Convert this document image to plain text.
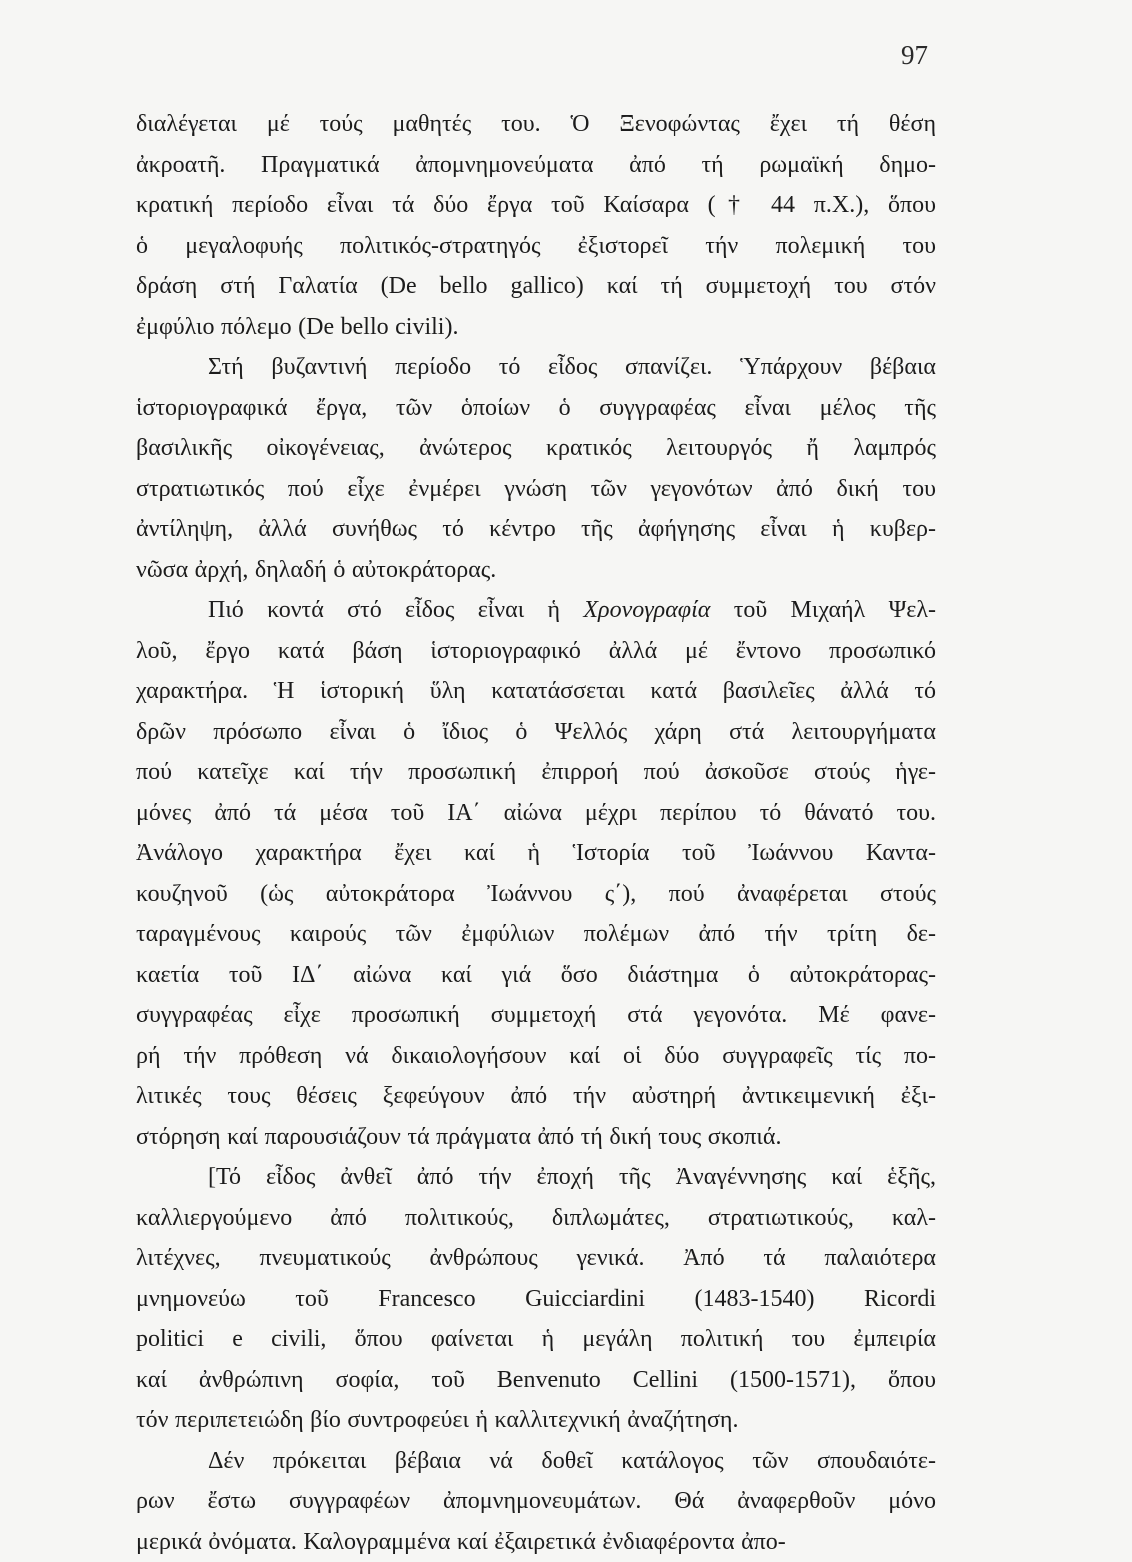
97
διαλέγεται μέ τούς μαθητές του. Ὁ Ξενοφώντας ἔχει τή θέση
ἀκροατῆ. Πραγματικά ἀπομνημονεύματα ἀπό τή ρωμαϊκή δημο-
κρατική περίοδο εἶναι τά δύο ἔργα τοῦ Καίσαρα († 44 π.Χ.), ὅπου
ὁ μεγαλοφυής πολιτικός-στρατηγός ἐξιστορεῖ τήν πολεμική του
δράση στή Γαλατία (De bello gallico) καί τή συμμετοχή του στόν
ἐμφύλιο πόλεμο (De bello civili).
Στή βυζαντινή περίοδο τό εἶδος σπανίζει. Ὑπάρχουν βέβαια
ἱστοριογραφικά ἔργα, τῶν ὁποίων ὁ συγγραφέας εἶναι μέλος τῆς
βασιλικῆς οἰκογένειας, ἀνώτερος κρατικός λειτουργός ἤ λαμπρός
στρατιωτικός πού εἶχε ἐνμέρει γνώση τῶν γεγονότων ἀπό δική του
ἀντίληψη, ἀλλά συνήθως τό κέντρο τῆς ἀφήγησης εἶναι ἡ κυβερ-
νῶσα ἀρχή, δηλαδή ὁ αὐτοκράτορας.
Πιό κοντά στό εἶδος εἶναι ἡ Χρονογραφία τοῦ Μιχαήλ Ψελ-
λοῦ, ἔργο κατά βάση ἱστοριογραφικό ἀλλά μέ ἔντονο προσωπικό
χαρακτήρα. Ἡ ἱστορική ὕλη κατατάσσεται κατά βασιλεῖες ἀλλά τό
δρῶν πρόσωπο εἶναι ὁ ἴδιος ὁ Ψελλός χάρη στά λειτουργήματα
πού κατεῖχε καί τήν προσωπική ἐπιρροή πού ἀσκοῦσε στούς ἡγε-
μόνες ἀπό τά μέσα τοῦ ΙΑ΄ αἰώνα μέχρι περίπου τό θάνατό του.
Ἀνάλογο χαρακτήρα ἔχει καί ἡ Ἱστορία τοῦ Ἰωάννου Καντα-
κουζηνοῦ (ὡς αὐτοκράτορα Ἰωάννου ς΄), πού ἀναφέρεται στούς
ταραγμένους καιρούς τῶν ἐμφύλιων πολέμων ἀπό τήν τρίτη δε-
καετία τοῦ ΙΔ΄ αἰώνα καί γιά ὅσο διάστημα ὁ αὐτοκράτορας-
συγγραφέας εἶχε προσωπική συμμετοχή στά γεγονότα. Μέ φανε-
ρή τήν πρόθεση νά δικαιολογήσουν καί οἱ δύο συγγραφεῖς τίς πο-
λιτικές τους θέσεις ξεφεύγουν ἀπό τήν αὐστηρή ἀντικειμενική ἐξι-
στόρηση καί παρουσιάζουν τά πράγματα ἀπό τή δική τους σκοπιά.
[Τό εἶδος ἀνθεῖ ἀπό τήν ἐποχή τῆς Ἀναγέννησης καί ἑξῆς,
καλλιεργούμενο ἀπό πολιτικούς, διπλωμάτες, στρατιωτικούς, καλ-
λιτέχνες, πνευματικούς ἀνθρώπους γενικά. Ἀπό τά παλαιότερα
μνημονεύω τοῦ Francesco Guicciardini (1483-1540) Ricordi
politici e civili, ὅπου φαίνεται ἡ μεγάλη πολιτική του ἐμπειρία
καί ἀνθρώπινη σοφία, τοῦ Benvenuto Cellini (1500-1571), ὅπου
τόν περιπετειώδη βίο συντροφεύει ἡ καλλιτεχνική ἀναζήτηση.
Δέν πρόκειται βέβαια νά δοθεῖ κατάλογος τῶν σπουδαιότε-
ρων ἔστω συγγραφέων ἀπομνημονευμάτων. Θά ἀναφερθοῦν μόνο
μερικά ὀνόματα. Καλογραμμένα καί ἐξαιρετικά ἐνδιαφέροντα ἀπο-
